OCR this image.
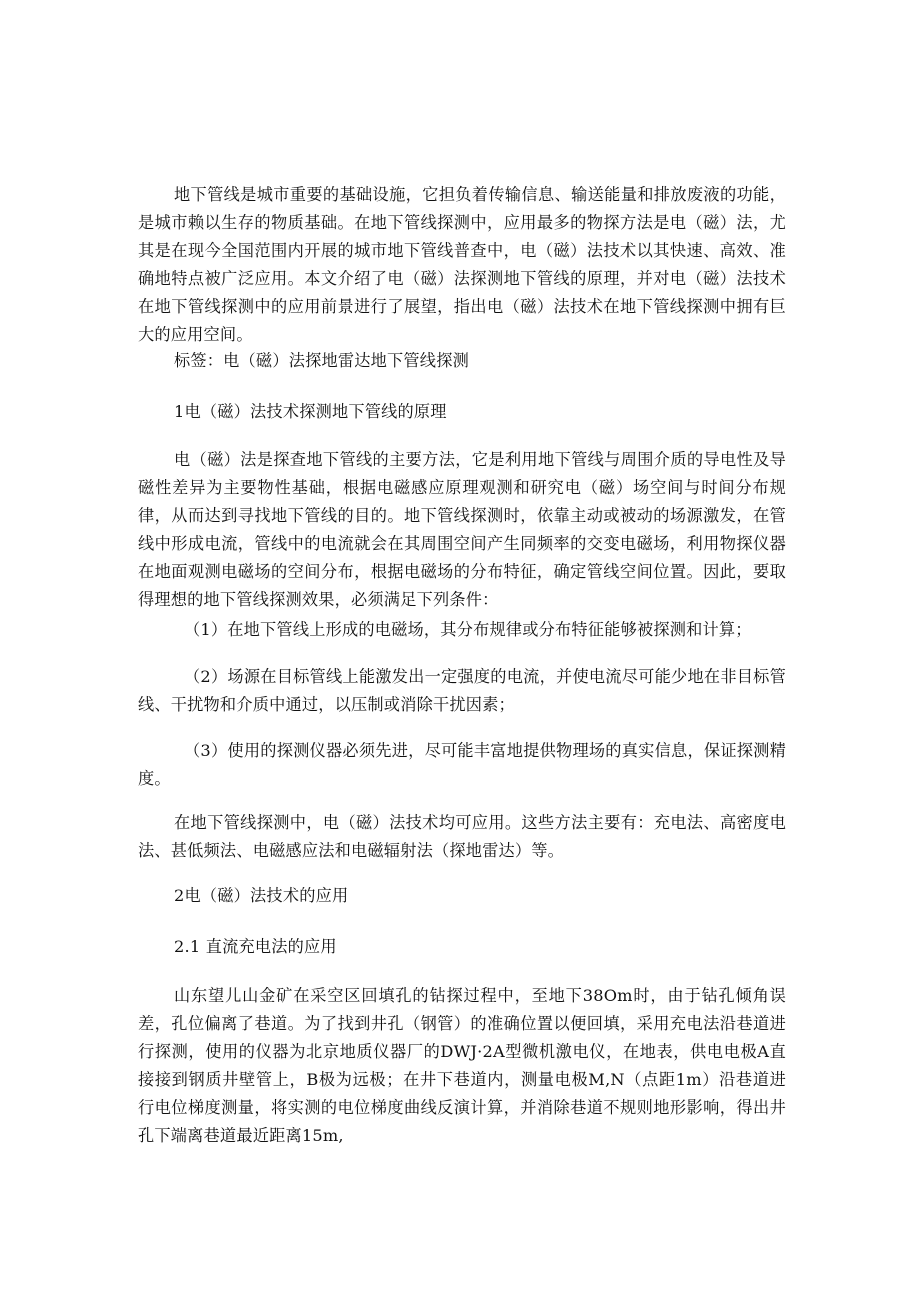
地下管线是城市重要的基础设施，它担负着传输信息、输送能量和排放废液的功能，是城市赖以生存的物质基础。在地下管线探测中，应用最多的物探方法是电（磁）法，尤其是在现今全国范围内开展的城市地下管线普查中，电（磁）法技术以其快速、高效、准确地特点被广泛应用。本文介绍了电（磁）法探测地下管线的原理，并对电（磁）法技术在地下管线探测中的应用前景进行了展望，指出电（磁）法技术在地下管线探测中拥有巨大的应用空间。

标签：电（磁）法探地雷达地下管线探测

1电（磁）法技术探测地下管线的原理

电（磁）法是探查地下管线的主要方法，它是利用地下管线与周围介质的导电性及导磁性差异为主要物性基础，根据电磁感应原理观测和研究电（磁）场空间与时间分布规律，从而达到寻找地下管线的目的。地下管线探测时，依靠主动或被动的场源激发，在管线中形成电流，管线中的电流就会在其周围空间产生同频率的交变电磁场，利用物探仪器在地面观测电磁场的空间分布，根据电磁场的分布特征，确定管线空间位置。因此，要取得理想的地下管线探测效果，必须满足下列条件：

（1）在地下管线上形成的电磁场，其分布规律或分布特征能够被探测和计算；

（2）场源在目标管线上能激发出一定强度的电流，并使电流尽可能少地在非目标管线、干扰物和介质中通过，以压制或消除干扰因素；

（3）使用的探测仪器必须先进，尽可能丰富地提供物理场的真实信息，保证探测精度。

在地下管线探测中，电（磁）法技术均可应用。这些方法主要有：充电法、高密度电法、甚低频法、电磁感应法和电磁辐射法（探地雷达）等。

2电（磁）法技术的应用

2.1 直流充电法的应用

山东望儿山金矿在采空区回填孔的钻探过程中，至地下38Om时，由于钻孔倾角误差，孔位偏离了巷道。为了找到井孔（钢管）的准确位置以便回填，采用充电法沿巷道进行探测，使用的仪器为北京地质仪器厂的DWJ·2A型微机激电仪，在地表，供电电极A直接接到钢质井壁管上，B极为远极；在井下巷道内，测量电极M,N（点距1m）沿巷道进行电位梯度测量，将实测的电位梯度曲线反演计算，并消除巷道不规则地形影响，得出井孔下端离巷道最近距离15m,
